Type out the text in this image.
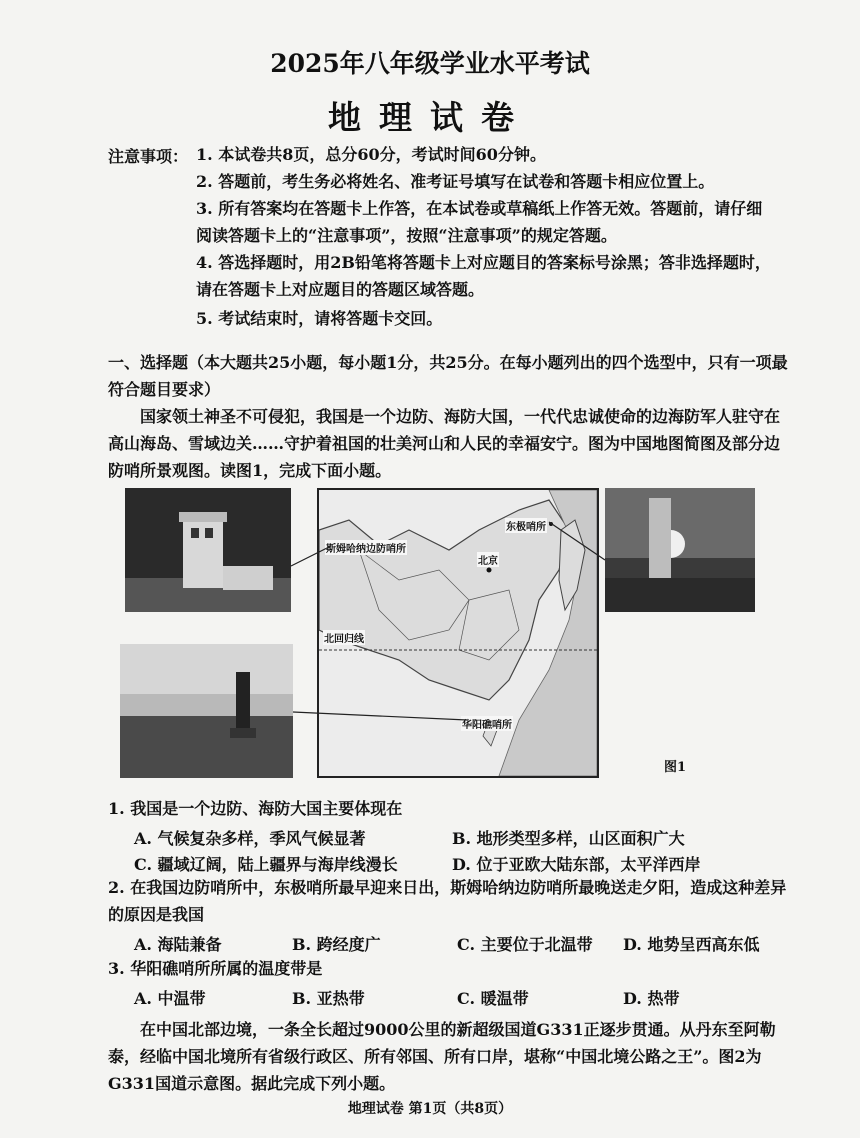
2025年八年级学业水平考试
地理试卷
注意事项： 1. 本试卷共8页，总分60分，考试时间60分钟。
2. 答题前，考生务必将姓名、准考证号填写在试卷和答题卡相应位置上。
3. 所有答案均在答题卡上作答，在本试卷或草稿纸上作答无效。答题前，请仔细阅读答题卡上的“注意事项”，按照“注意事项”的规定答题。
4. 答选择题时，用2B铅笔将答题卡上对应题目的答案标号涂黑；答非选择题时，请在答题卡上对应题目的答题区域答题。
5. 考试结束时，请将答题卡交回。
一、选择题（本大题共25小题，每小题1分，共25分。在每小题列出的四个选型中，只有一项最符合题目要求）
国家领土神圣不可侵犯，我国是一个边防、海防大国，一代代忠诚使命的边海防军人驻守在高山海岛、雪域边关……守护着祖国的壮美河山和人民的幸福安宁。图为中国地图简图及部分边防哨所景观图。读图1，完成下面小题。
东极哨所
斯姆哈纳边防哨所
北京
北回归线
华阳礁哨所
图1
1. 我国是一个边防、海防大国主要体现在
A. 气候复杂多样，季风气候显著	B. 地形类型多样，山区面积广大
C. 疆域辽阔，陆上疆界与海岸线漫长	D. 位于亚欧大陆东部，太平洋西岸
2. 在我国边防哨所中，东极哨所最早迎来日出，斯姆哈纳边防哨所最晚送走夕阳，造成这种差异的原因是我国
A. 海陆兼备	B. 跨经度广	C. 主要位于北温带 D. 地势呈西高东低
3. 华阳礁哨所所属的温度带是
A. 中温带	B. 亚热带	C. 暖温带	D. 热带
在中国北部边境，一条全长超过9000公里的新超级国道G331正逐步贯通。从丹东至阿勒泰，经临中国北境所有省级行政区、所有邻国、所有口岸，堪称“中国北境公路之王”。图2为G331国道示意图。据此完成下列小题。
地理试卷 第1页（共8页）
